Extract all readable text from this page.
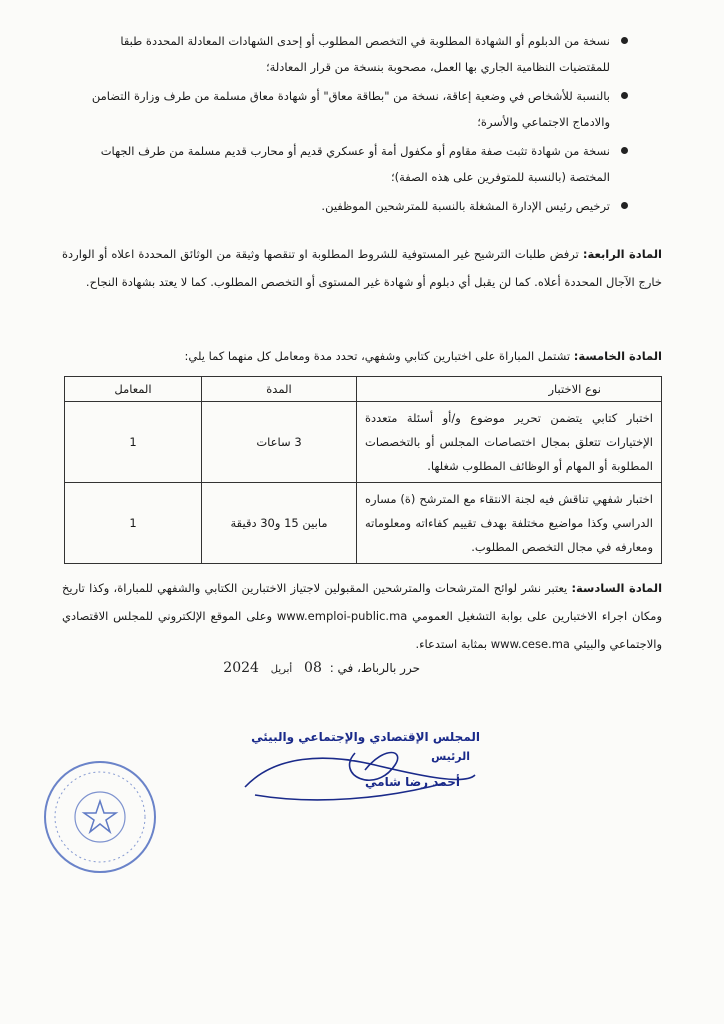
نسخة من الدبلوم أو الشهادة المطلوبة في التخصص المطلوب أو إحدى الشهادات المعادلة المحددة طبقا للمقتضيات النظامية الجاري بها العمل، مصحوبة بنسخة من قرار المعادلة؛
بالنسبة للأشخاص في وضعية إعاقة، نسخة من "بطاقة معاق" أو شهادة معاق مسلمة من طرف وزارة التضامن والادماج الاجتماعي والأسرة؛
نسخة من شهادة تثبت صفة مقاوم أو مكفول أمة أو عسكري قديم أو محارب قديم مسلمة من طرف الجهات المختصة (بالنسبة للمتوفرين على هذه الصفة)؛
ترخيص رئيس الإدارة المشغلة بالنسبة للمترشحين الموظفين.
المادة الرابعة: ترفض طلبات الترشيح غير المستوفية للشروط المطلوبة او تنقصها وثيقة من الوثائق المحددة اعلاه أو الواردة خارج الآجال المحددة أعلاه. كما لن يقبل أي دبلوم أو شهادة غير المستوى أو التخصص المطلوب. كما لا يعتد بشهادة النجاح.
المادة الخامسة: تشتمل المباراة على اختبارين كتابي وشفهي، تحدد مدة ومعامل كل منهما كما يلي:
نوع الاختبار	المدة	المعامل
اختبار كتابي يتضمن تحرير موضوع و/أو أسئلة متعددة الإختيارات تتعلق بمجال اختصاصات المجلس أو بالتخصصات المطلوبة أو المهام أو الوظائف المطلوب شغلها.	3 ساعات	1
اختبار شفهي تناقش فيه لجنة الانتقاء مع المترشح (ة) مساره الدراسي وكذا مواضيع مختلفة بهدف تقييم كفاءاته ومعلوماته ومعارفه في مجال التخصص المطلوب.	مابين 15 و30 دقيقة	1
المادة السادسة: يعتبر نشر لوائح المترشحات والمترشحين المقبولين لاجتياز الاختبارين الكتابي والشفهي للمباراة، وكذا تاريخ ومكان اجراء الاختبارين على بوابة التشغيل العمومي www.emploi-public.ma وعلى الموقع الإلكتروني للمجلس الاقتصادي والاجتماعي والبيئي www.cese.ma بمثابة استدعاء.
حرر بالرباط، في : 08 أبريل 2024
المجلس الإقتصادي والإجتماعي والبيئي
الرئيس
أحمد رضا شامي
